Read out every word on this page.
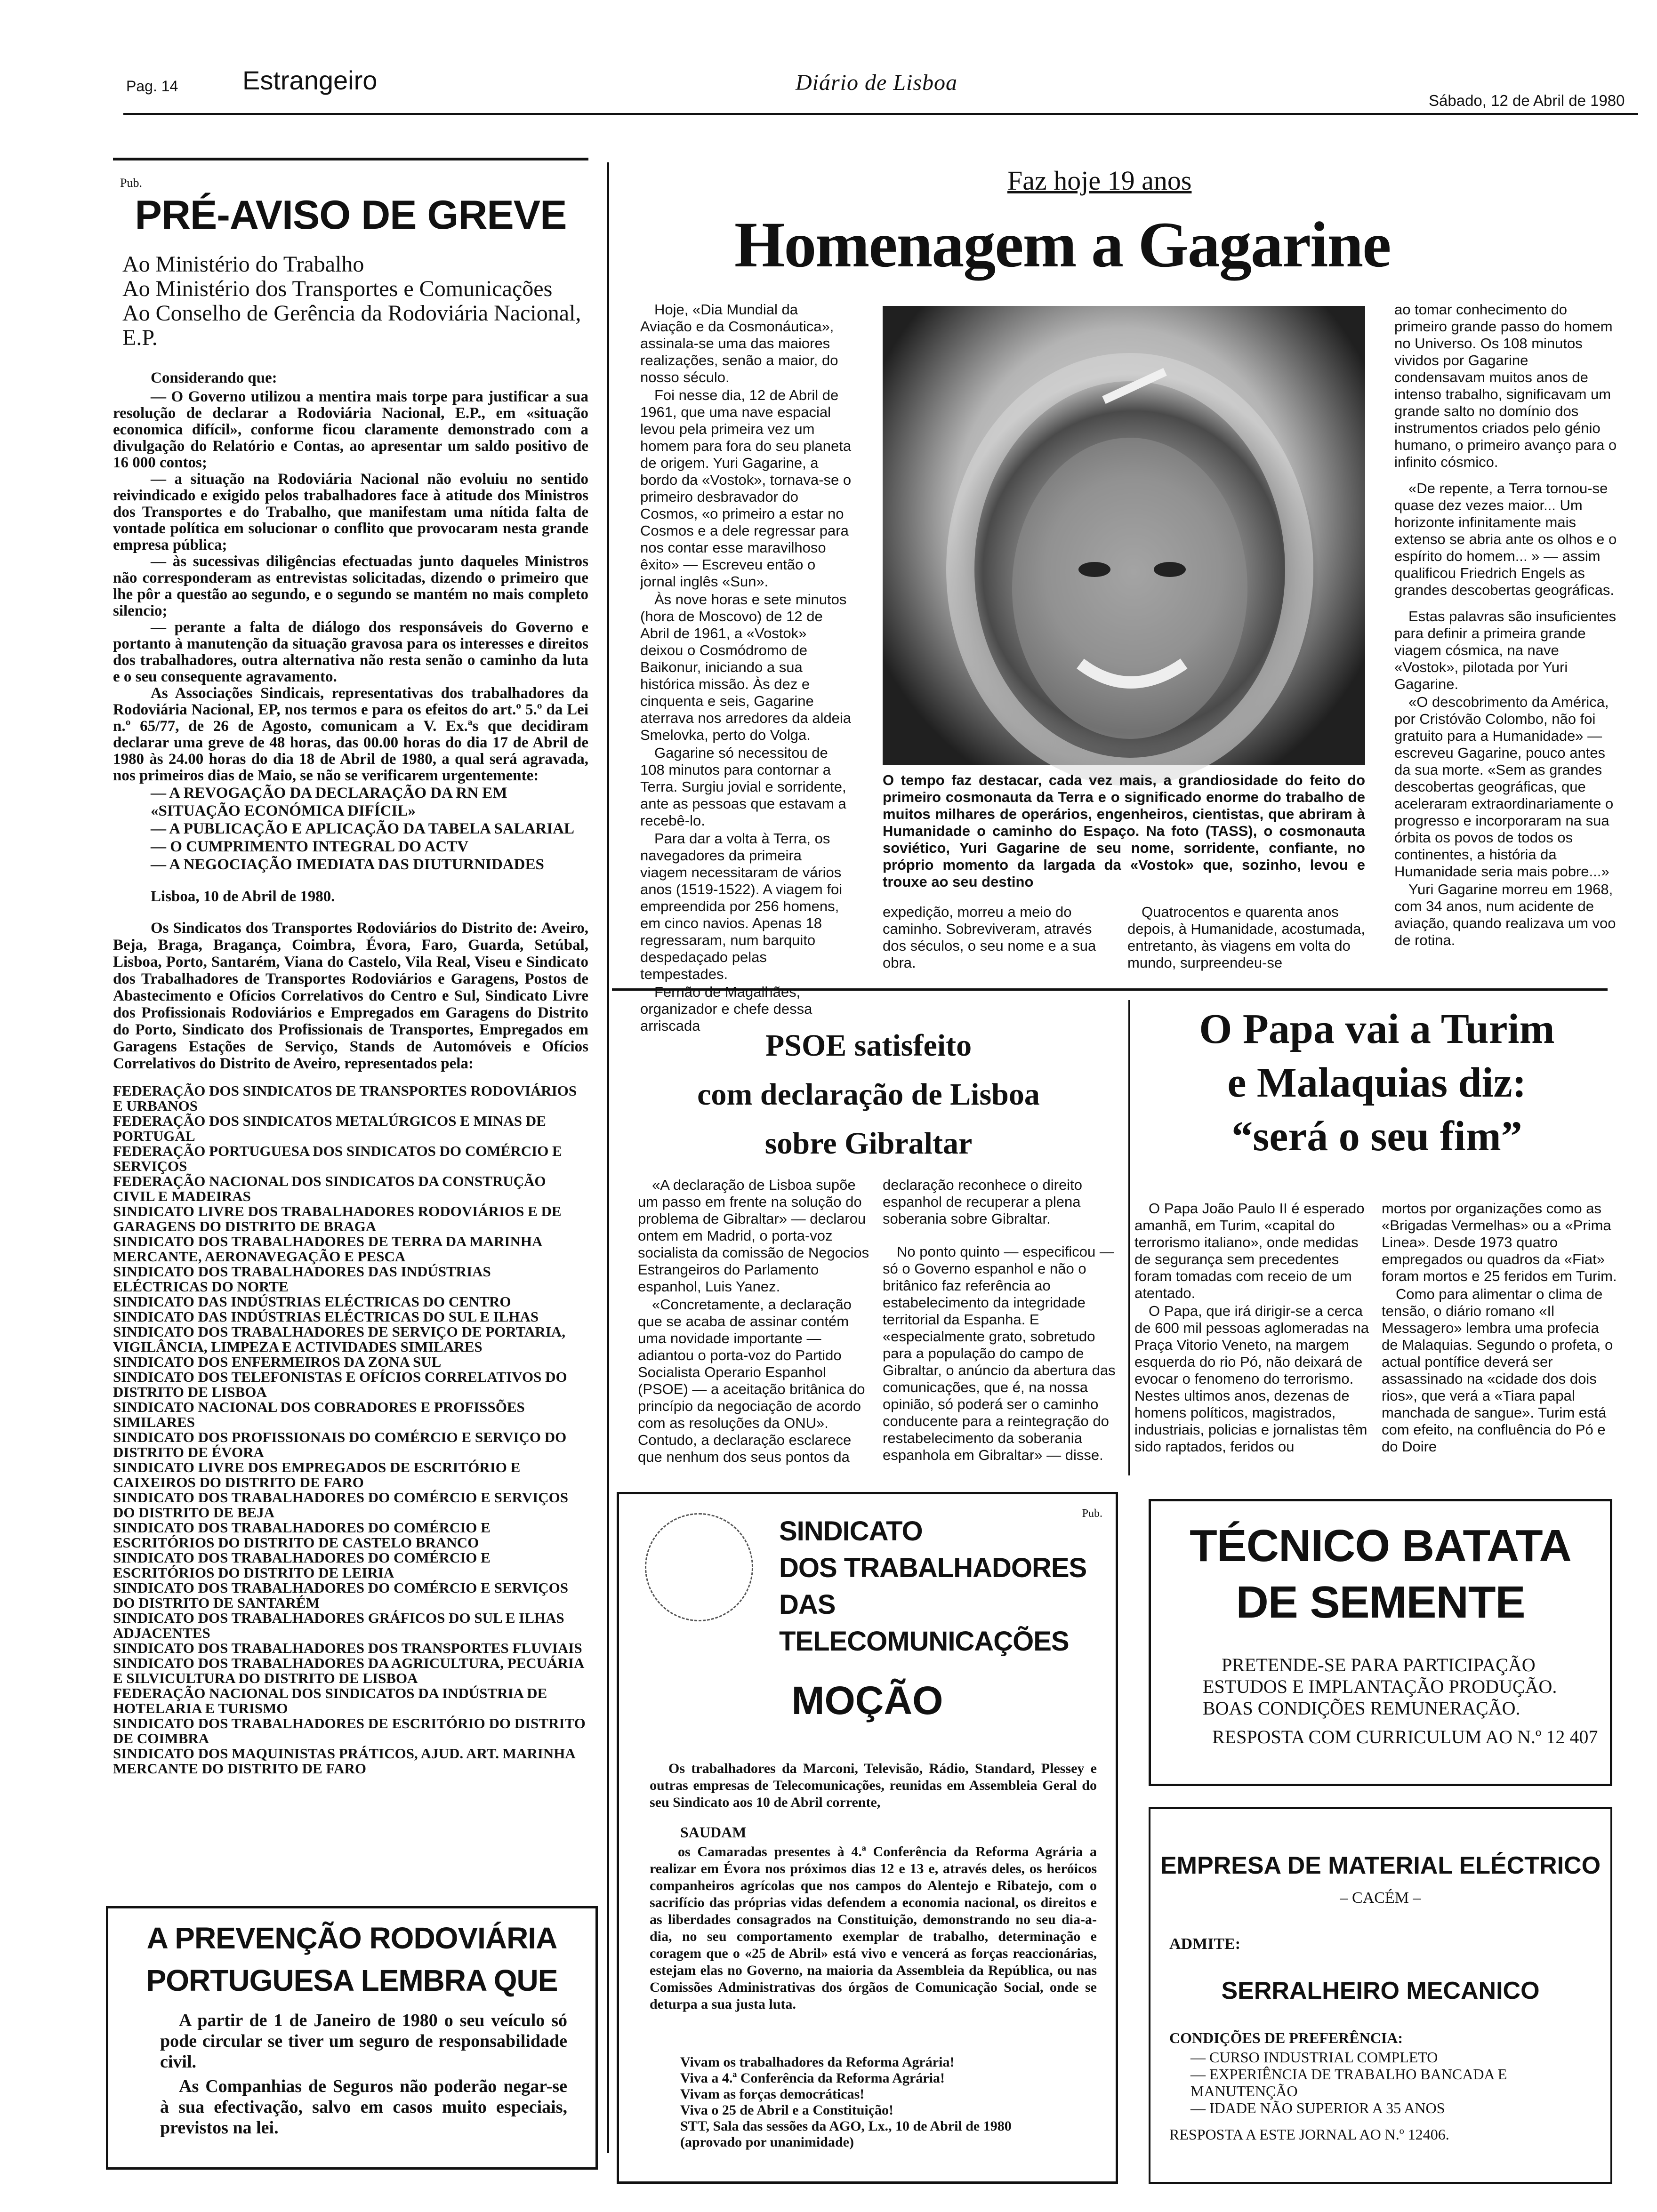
Pag. 14 Estrangeiro	Diário de Lisboa
Sábado, 12 de Abril de 1980
Pub.
PRÉ-AVISO DE GREVE
Ao Ministério do Trabalho
Ao Ministério dos Transportes e Comunicações
Ao Conselho de Gerência da Rodoviária Nacional, E.P.
Considerando que:

— O Governo utilizou a mentira mais torpe para justificar a sua resolução de declarar a Rodoviária Nacional, E.P., em «situação economica difícil», conforme ficou claramente demonstrado com a divulgação do Relatório e Contas, ao apresentar um saldo positivo de 16 000 contos;

— a situação na Rodoviária Nacional não evoluiu no sentido reivindicado e exigido pelos trabalhadores face à atitude dos Ministros dos Transportes e do Trabalho, que manifestam uma nítida falta de vontade política em solucionar o conflito que provocaram nesta grande empresa pública;

— às sucessivas diligências efectuadas junto daqueles Ministros não corresponderam as entrevistas solicitadas, dizendo o primeiro que lhe pôr a questão ao segundo, e o segundo se mantém no mais completo silencio;

— perante a falta de diálogo dos responsáveis do Governo e portanto à manutenção da situação gravosa para os interesses e direitos dos trabalhadores, outra alternativa não resta senão o caminho da luta e o seu consequente agravamento.

As Associações Sindicais, representativas dos trabalhadores da Rodoviária Nacional, EP, nos termos e para os efeitos do art.º 5.º da Lei n.º 65/77, de 26 de Agosto, comunicam a V. Ex.ªs que decidiram declarar uma greve de 48 horas, das 00.00 horas do dia 17 de Abril de 1980 às 24.00 horas do dia 18 de Abril de 1980, a qual será agravada, nos primeiros dias de Maio, se não se verificarem urgentemente:

— A REVOGAÇÃO DA DECLARAÇÃO DA RN EM «SITUAÇÃO ECONÓMICA DIFÍCIL»

— A PUBLICAÇÃO E APLICAÇÃO DA TABELA SALARIAL

— O CUMPRIMENTO INTEGRAL DO ACTV

— A NEGOCIAÇÃO IMEDIATA DAS DIUTURNIDADES

Lisboa, 10 de Abril de 1980.
Os Sindicatos dos Transportes Rodoviários do Distrito de: Aveiro, Beja, Braga, Bragança, Coimbra, Évora, Faro, Guarda, Setúbal, Lisboa, Porto, Santarém, Viana do Castelo, Vila Real, Viseu e Sindicato dos Trabalhadores de Transportes Rodoviários e Garagens, Postos de Abastecimento e Ofícios Correlativos do Centro e Sul, Sindicato Livre dos Profissionais Rodoviários e Empregados em Garagens do Distrito do Porto, Sindicato dos Profissionais de Transportes, Empregados em Garagens Estações de Serviço, Stands de Automóveis e Ofícios Correlativos do Distrito de Aveiro, representados pela:
FEDERAÇÃO DOS SINDICATOS DE TRANSPORTES RODOVIÁRIOS E URBANOS
FEDERAÇÃO DOS SINDICATOS METALÚRGICOS E MINAS DE PORTUGAL
FEDERAÇÃO PORTUGUESA DOS SINDICATOS DO COMÉRCIO E SERVIÇOS
FEDERAÇÃO NACIONAL DOS SINDICATOS DA CONSTRUÇÃO CIVIL E MADEIRAS
SINDICATO LIVRE DOS TRABALHADORES RODOVIÁRIOS E DE GARAGENS DO DISTRITO DE BRAGA
SINDICATO DOS TRABALHADORES DE TERRA DA MARINHA MERCANTE, AERONAVEGAÇÃO E PESCA
SINDICATO DOS TRABALHADORES DAS INDÚSTRIAS ELÉCTRICAS DO NORTE
SINDICATO DAS INDÚSTRIAS ELÉCTRICAS DO CENTRO
SINDICATO DAS INDÚSTRIAS ELÉCTRICAS DO SUL E ILHAS
SINDICATO DOS TRABALHADORES DE SERVIÇO DE PORTARIA, VIGILÂNCIA, LIMPEZA E ACTIVIDADES SIMILARES
SINDICATO DOS ENFERMEIROS DA ZONA SUL
SINDICATO DOS TELEFONISTAS E OFÍCIOS CORRELATIVOS DO DISTRITO DE LISBOA
SINDICATO NACIONAL DOS COBRADORES E PROFISSÕES SIMILARES
SINDICATO DOS PROFISSIONAIS DO COMÉRCIO E SERVIÇO DO DISTRITO DE ÉVORA
SINDICATO LIVRE DOS EMPREGADOS DE ESCRITÓRIO E CAIXEIROS DO DISTRITO DE FARO
SINDICATO DOS TRABALHADORES DO COMÉRCIO E SERVIÇOS DO DISTRITO DE BEJA
SINDICATO DOS TRABALHADORES DO COMÉRCIO E ESCRITÓRIOS DO DISTRITO DE CASTELO BRANCO
SINDICATO DOS TRABALHADORES DO COMÉRCIO E ESCRITÓRIOS DO DISTRITO DE LEIRIA
SINDICATO DOS TRABALHADORES DO COMÉRCIO E SERVIÇOS DO DISTRITO DE SANTARÉM
SINDICATO DOS TRABALHADORES GRÁFICOS DO SUL E ILHAS ADJACENTES
SINDICATO DOS TRABALHADORES DOS TRANSPORTES FLUVIAIS
SINDICATO DOS TRABALHADORES DA AGRICULTURA, PECUÁRIA E SILVICULTURA DO DISTRITO DE LISBOA
FEDERAÇÃO NACIONAL DOS SINDICATOS DA INDÚSTRIA DE HOTELARIA E TURISMO
SINDICATO DOS TRABALHADORES DE ESCRITÓRIO DO DISTRITO DE COIMBRA
SINDICATO DOS MAQUINISTAS PRÁTICOS, AJUD. ART. MARINHA MERCANTE DO DISTRITO DE FARO
A PREVENÇÃO RODOVIÁRIA
PORTUGUESA LEMBRA QUE
A partir de 1 de Janeiro de 1980 o seu veículo só pode circular se tiver um seguro de responsabilidade civil.
As Companhias de Seguros não poderão negar-se à sua efectivação, salvo em casos muito especiais, previstos na lei.
Faz hoje 19 anos
Homenagem a Gagarine

Hoje, «Dia Mundial da Aviação e da Cosmonáutica», assinala-se uma das maiores realizações, senão a maior, do nosso século.

Foi nesse dia, 12 de Abril de 1961, que uma nave espacial levou pela primeira vez um homem para fora do seu planeta de origem. Yuri Gagarine, a bordo da «Vostok», tornava-se o primeiro desbravador do Cosmos, «o primeiro a estar no Cosmos e a dele regressar para nos contar esse maravilhoso êxito» — Escreveu então o jornal inglês «Sun».

Às nove horas e sete minutos (hora de Moscovo) de 12 de Abril de 1961, a «Vostok» deixou o Cosmódromo de Baikonur, iniciando a sua histórica missão. Às dez e cinquenta e seis, Gagarine aterrava nos arredores da aldeia Smelovka, perto do Volga.

Gagarine só necessitou de 108 minutos para contornar a Terra. Surgiu jovial e sorridente, ante as pessoas que estavam a recebê-lo.

Para dar a volta à Terra, os navegadores da primeira viagem necessitaram de vários anos (1519-1522). A viagem foi empreendida por 256 homens, em cinco navios. Apenas 18 regressaram, num barquito despedaçado pelas tempestades.

Fernão de Magalhães, organizador e chefe dessa arriscada

O tempo faz destacar, cada vez mais, a grandiosidade do feito do primeiro cosmonauta da Terra e o significado enorme do trabalho de muitos milhares de operários, engenheiros, cientistas, que abriram à Humanidade o caminho do Espaço. Na foto (TASS), o cosmonauta soviético, Yuri Gagarine de seu nome, sorridente, confiante, no próprio momento da largada da «Vostok» que, sozinho, levou e trouxe ao seu destino
expedição, morreu a meio do caminho. Sobreviveram, através dos séculos, o seu nome e a sua obra.
Quatrocentos e quarenta anos depois, à Humanidade, acostumada, entretanto, às viagens em volta do mundo, surpreendeu-se

ao tomar conhecimento do primeiro grande passo do homem no Universo. Os 108 minutos vividos por Gagarine condensavam muitos anos de intenso trabalho, significavam um grande salto no domínio dos instrumentos criados pelo génio humano, o primeiro avanço para o infinito cósmico.

«De repente, a Terra tornou-se quase dez vezes maior... Um horizonte infinitamente mais extenso se abria ante os olhos e o espírito do homem... » — assim qualificou Friedrich Engels as grandes descobertas geográficas.

Estas palavras são insuficientes para definir a primeira grande viagem cósmica, na nave «Vostok», pilotada por Yuri Gagarine.

«O descobrimento da América, por Cristóvão Colombo, não foi gratuito para a Humanidade» — escreveu Gagarine, pouco antes da sua morte. «Sem as grandes descobertas geográficas, que aceleraram extraordinariamente o progresso e incorporaram na sua órbita os povos de todos os continentes, a história da Humanidade seria mais pobre...»

Yuri Gagarine morreu em 1968, com 34 anos, num acidente de aviação, quando realizava um voo de rotina.

PSOE satisfeito
com declaração de Lisboa
sobre Gibraltar

«A declaração de Lisboa supõe um passo em frente na solução do problema de Gibraltar» — declarou ontem em Madrid, o porta-voz socialista da comissão de Negocios Estrangeiros do Parlamento espanhol, Luis Yanez.

«Concretamente, a declaração que se acaba de assinar contém uma novidade importante — adiantou o porta-voz do Partido Socialista Operario Espanhol (PSOE) — a aceitação britânica do princípio da negociação de acordo com as resoluções da ONU». Contudo, a declaração esclarece que nenhum dos seus pontos da

declaração reconhece o direito espanhol de recuperar a plena soberania sobre Gibraltar.

No ponto quinto — especificou — só o Governo espanhol e não o britânico faz referência ao estabelecimento da integridade territorial da Espanha. E «especialmente grato, sobretudo para a população do campo de Gibraltar, o anúncio da abertura das comunicações, que é, na nossa opinião, só poderá ser o caminho conducente para a reintegração do restabelecimento da soberania espanhola em Gibraltar» — disse.

O Papa vai a Turim
e Malaquias diz:
“será o seu fim”

O Papa João Paulo II é esperado amanhã, em Turim, «capital do terrorismo italiano», onde medidas de segurança sem precedentes foram tomadas com receio de um atentado.

O Papa, que irá dirigir-se a cerca de 600 mil pessoas aglomeradas na Praça Vitorio Veneto, na margem esquerda do rio Pó, não deixará de evocar o fenomeno do terrorismo. Nestes ultimos anos, dezenas de homens políticos, magistrados, industriais, policias e jornalistas têm sido raptados, feridos ou

mortos por organizações como as «Brigadas Vermelhas» ou a «Prima Linea». Desde 1973 quatro empregados ou quadros da «Fiat» foram mortos e 25 feridos em Turim.

Como para alimentar o clima de tensão, o diário romano «Il Messagero» lembra uma profecia de Malaquias. Segundo o profeta, o actual pontífice deverá ser assassinado na «cidade dos dois rios», que verá a «Tiara papal manchada de sangue». Turim está com efeito, na confluência do Pó e do Doire

Pub.
SINDICATO
DOS TRABALHADORES
DAS TELECOMUNICAÇÕES
MOÇÃO
Os trabalhadores da Marconi, Televisão, Rádio, Standard, Plessey e outras empresas de Telecomunicações, reunidas em Assembleia Geral do seu Sindicato aos 10 de Abril corrente,
SAUDAM
os Camaradas presentes à 4.ª Conferência da Reforma Agrária a realizar em Évora nos próximos dias 12 e 13 e, através deles, os heróicos companheiros agrícolas que nos campos do Alentejo e Ribatejo, com o sacrifício das próprias vidas defendem a economia nacional, os direitos e as liberdades consagrados na Constituição, demonstrando no seu dia-a-dia, no seu comportamento exemplar de trabalho, determinação e coragem que o «25 de Abril» está vivo e vencerá as forças reaccionárias, estejam elas no Governo, na maioria da Assembleia da República, ou nas Comissões Administrativas dos órgãos de Comunicação Social, onde se deturpa a sua justa luta.
Vivam os trabalhadores da Reforma Agrária!
Viva a 4.ª Conferência da Reforma Agrária!
Vivam as forças democráticas!
Viva o 25 de Abril e a Constituição!
STT, Sala das sessões da AGO, Lx., 10 de Abril de 1980
(aprovado por unanimidade)
TÉCNICO BATATA
DE SEMENTE
PRETENDE-SE PARA PARTICIPAÇÃO ESTUDOS E IMPLANTAÇÃO PRODUÇÃO. BOAS CONDIÇÕES REMUNERAÇÃO.
RESPOSTA COM CURRICULUM AO N.º 12 407
EMPRESA DE MATERIAL ELÉCTRICO
– CACÉM –
ADMITE:
SERRALHEIRO MECANICO
CONDIÇÕES DE PREFERÊNCIA:
— CURSO INDUSTRIAL COMPLETO
— EXPERIÊNCIA DE TRABALHO BANCADA E MANUTENÇÃO
— IDADE NÃO SUPERIOR A 35 ANOS
RESPOSTA A ESTE JORNAL AO N.º 12406.
